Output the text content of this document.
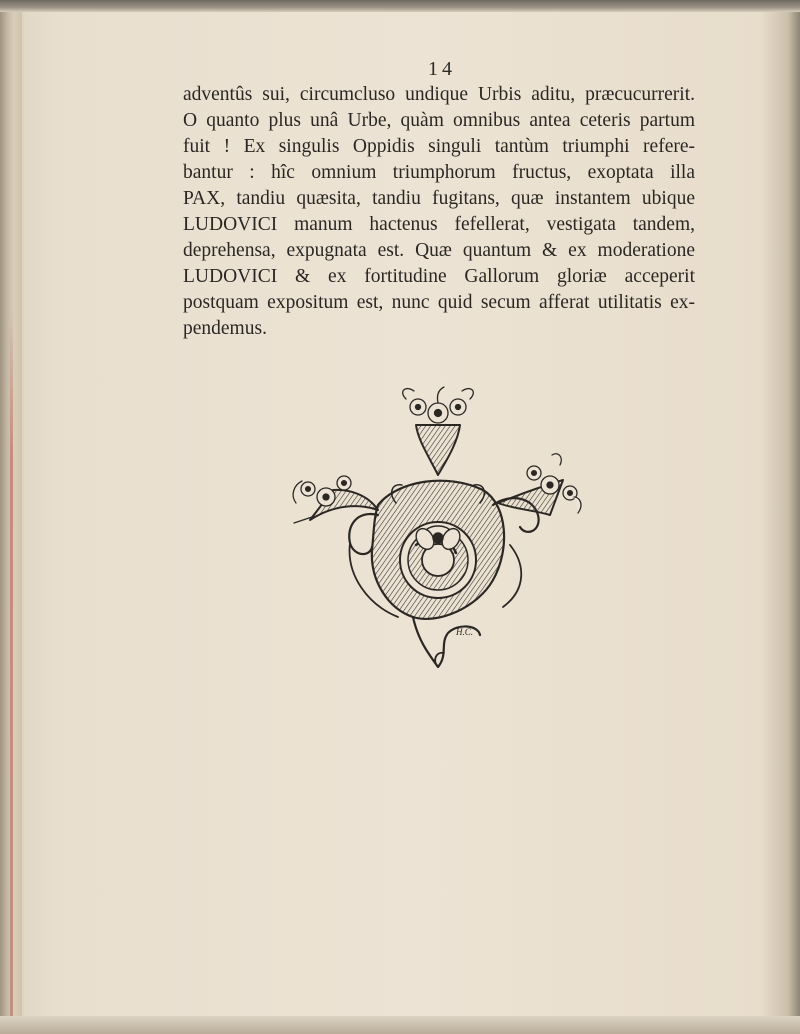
14
adventûs sui, circumcluso undique Urbis aditu, præcucurrerit.
O quanto plus unâ Urbe, quàm omnibus antea ceteris partum
fuit ! Ex singulis Oppidis singuli tantùm triumphi refere-
bantur : hîc omnium triumphorum fructus, exoptata illa
PAX, tandiu quæsita, tandiu fugitans, quæ instantem ubique
LUDOVICI manum hactenus fefellerat, vestigata tandem,
deprehensa, expugnata est. Quæ quantum & ex moderatione
LUDOVICI & ex fortitudine Gallorum gloriæ acceperit
postquam expositum est, nunc quid secum afferat utilitatis ex-
pendemus.
H.C.
